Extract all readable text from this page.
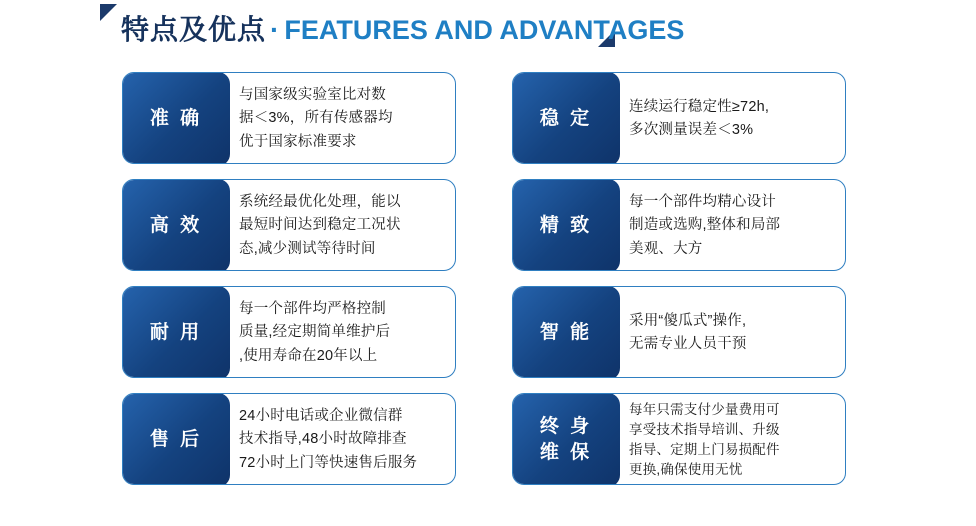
特点及优点 · FEATURES AND ADVANTAGES
准 确
与国家级实验室比对数
据＜3%，所有传感器均
优于国家标准要求
稳 定
连续运行稳定性≥72h,
多次测量误差＜3%
高 效
系统经最优化处理，能以
最短时间达到稳定工况状
态,减少测试等待时间
精 致
每一个部件均精心设计
制造或选购,整体和局部
美观、大方
耐 用
每一个部件均严格控制
质量,经定期简单维护后
,使用寿命在20年以上
智 能
采用“傻瓜式”操作,
无需专业人员干预
售 后
24小时电话或企业微信群
技术指导,48小时故障排查
72小时上门等快速售后服务
终 身
维 保
每年只需支付少量费用可
享受技术指导培训、升级
指导、定期上门易损配件
更换,确保使用无忧
